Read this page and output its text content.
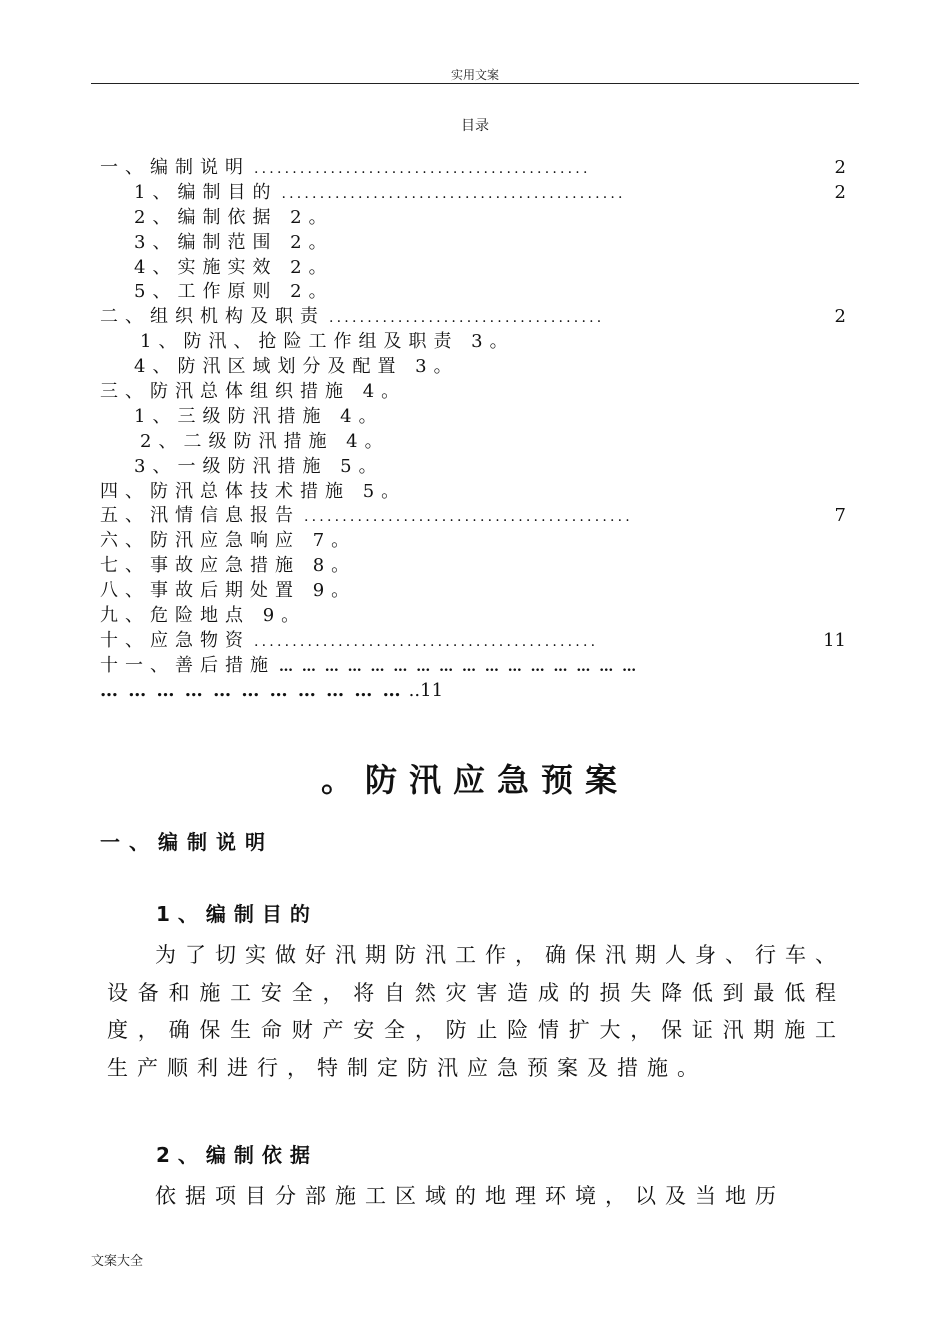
实用文案
目录
一、编制说明 ............................................	2
1、编制目的 .............................................	2
2、编制依据 2。
3、编制范围 2。
4、实施实效 2。
5、工作原则 2。
二、组织机构及职责 ....................................	2
1、防汛、抢险工作组及职责 3。
4、防汛区域划分及配置 3。
三、防汛总体组织措施 4。
1、三级防汛措施 4。
2、二级防汛措施 4。
3、一级防汛措施 5。
四、防汛总体技术措施 5。
五、汛情信息报告 ...........................................	7
六、防汛应急响应 7。
七、事故应急措施 8。
八、事故后期处置 9。
九、危险地点 9。
十、应急物资 .............................................	11
十一、善后措施 … … … … … … … … … … … … … … … …
… … … … … … … … … … … ..11
。防汛应急预案
一、编制说明
1、编制目的
为了切实做好汛期防汛工作，确保汛期人身、行车、设备和施工安全，将自然灾害造成的损失降低到最低程度，确保生命财产安全，防止险情扩大，保证汛期施工生产顺利进行，特制定防汛应急预案及措施。
2、编制依据
依据项目分部施工区域的地理环境，以及当地历
文案大全
